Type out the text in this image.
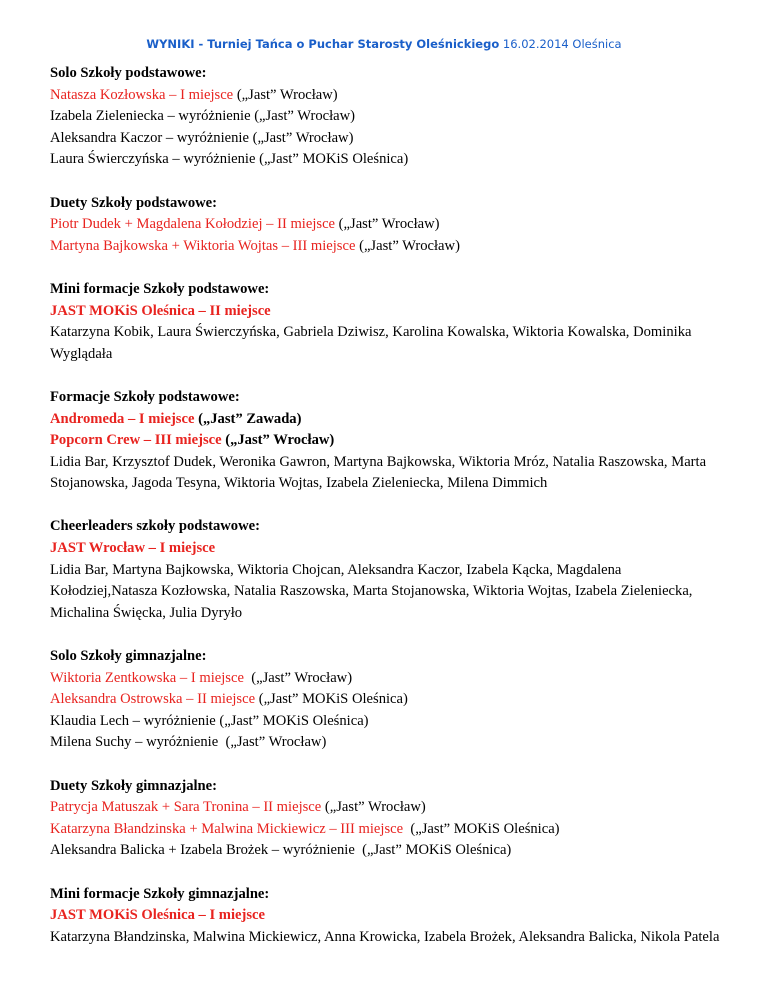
WYNIKI - Turniej Tańca o Puchar Starosty Oleśnickiego 16.02.2014 Oleśnica
Solo Szkoły podstawowe:
Natasza Kozłowska – I miejsce („Jast” Wrocław)
Izabela Zieleniecka – wyróżnienie („Jast” Wrocław)
Aleksandra Kaczor – wyróżnienie („Jast” Wrocław)
Laura Świerczyńska – wyróżnienie („Jast” MOKiS Oleśnica)
Duety Szkoły podstawowe:
Piotr Dudek + Magdalena Kołodziej – II miejsce („Jast” Wrocław)
Martyna Bajkowska + Wiktoria Wojtas – III miejsce („Jast” Wrocław)
Mini formacje Szkoły podstawowe:
JAST MOKiS Oleśnica – II miejsce
Katarzyna Kobik, Laura Świerczyńska, Gabriela Dziwisz, Karolina Kowalska, Wiktoria Kowalska, Dominika Wyglądała
Formacje Szkoły podstawowe:
Andromeda – I miejsce („Jast” Zawada)
Popcorn Crew – III miejsce („Jast” Wrocław)
Lidia Bar, Krzysztof Dudek, Weronika Gawron, Martyna Bajkowska, Wiktoria Mróz, Natalia Raszowska, Marta Stojanowska, Jagoda Tesyna, Wiktoria Wojtas, Izabela Zieleniecka, Milena Dimmich
Cheerleaders szkoły podstawowe:
JAST Wrocław – I miejsce
Lidia Bar, Martyna Bajkowska, Wiktoria Chojcan, Aleksandra Kaczor, Izabela Kącka, Magdalena Kołodziej,Natasza Kozłowska, Natalia Raszowska, Marta Stojanowska, Wiktoria Wojtas, Izabela Zieleniecka, Michalina Święcka, Julia Dyryło
Solo Szkoły gimnazjalne:
Wiktoria Zentkowska – I miejsce  („Jast” Wrocław)
Aleksandra Ostrowska – II miejsce („Jast” MOKiS Oleśnica)
Klaudia Lech – wyróżnienie („Jast” MOKiS Oleśnica)
Milena Suchy – wyróżnienie  („Jast” Wrocław)
Duety Szkoły gimnazjalne:
Patrycja Matuszak + Sara Tronina – II miejsce („Jast” Wrocław)
Katarzyna Błandzinska + Malwina Mickiewicz – III miejsce  („Jast” MOKiS Oleśnica)
Aleksandra Balicka + Izabela Brożek – wyróżnienie  („Jast” MOKiS Oleśnica)
Mini formacje Szkoły gimnazjalne:
JAST MOKiS Oleśnica – I miejsce
Katarzyna Błandzinska, Malwina Mickiewicz, Anna Krowicka, Izabela Brożek, Aleksandra Balicka, Nikola Patela
